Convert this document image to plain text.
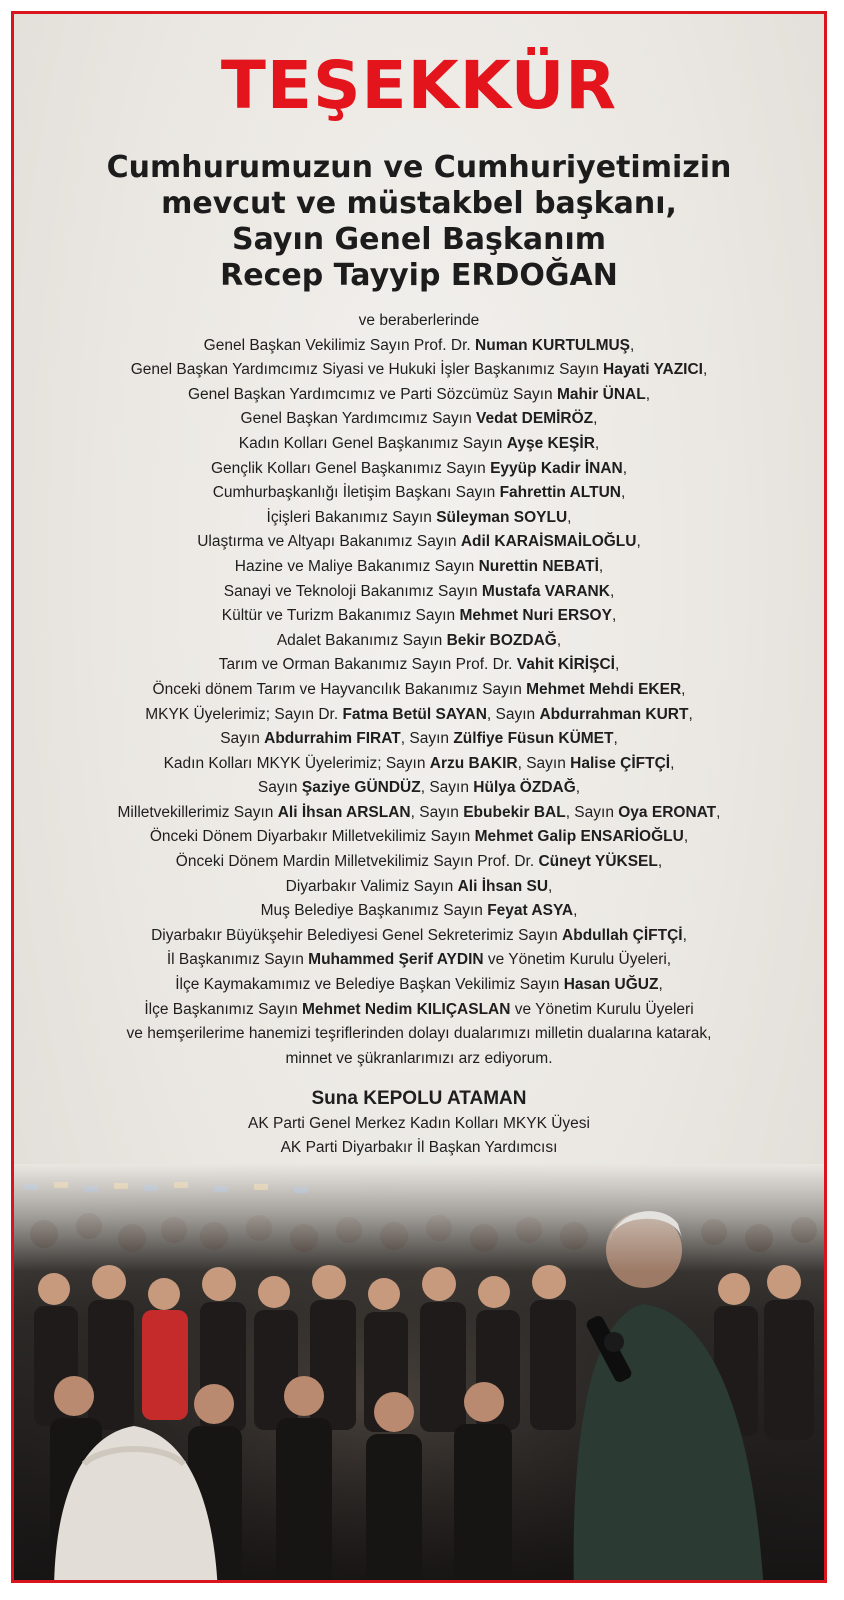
TEŞEKKÜR
Cumhurumuzun ve Cumhuriyetimizin
mevcut ve müstakbel başkanı,
Sayın Genel Başkanım
Recep Tayyip ERDOĞAN
ve beraberlerinde
Genel Başkan Vekilimiz Sayın Prof. Dr. Numan KURTULMUŞ,
Genel Başkan Yardımcımız Siyasi ve Hukuki İşler Başkanımız Sayın Hayati YAZICI,
Genel Başkan Yardımcımız ve Parti Sözcümüz Sayın Mahir ÜNAL,
Genel Başkan Yardımcımız Sayın Vedat DEMİRÖZ,
Kadın Kolları Genel Başkanımız Sayın Ayşe KEŞİR,
Gençlik Kolları Genel Başkanımız Sayın Eyyüp Kadir İNAN,
Cumhurbaşkanlığı İletişim Başkanı Sayın Fahrettin ALTUN,
İçişleri Bakanımız Sayın Süleyman SOYLU,
Ulaştırma ve Altyapı Bakanımız Sayın Adil KARAİSMAİLOĞLU,
Hazine ve Maliye Bakanımız Sayın Nurettin NEBATİ,
Sanayi ve Teknoloji Bakanımız Sayın Mustafa VARANK,
Kültür ve Turizm Bakanımız Sayın Mehmet Nuri ERSOY,
Adalet Bakanımız Sayın Bekir BOZDAĞ,
Tarım ve Orman Bakanımız Sayın Prof. Dr. Vahit KİRİŞCİ,
Önceki dönem Tarım ve Hayvancılık Bakanımız Sayın Mehmet Mehdi EKER,
MKYK Üyelerimiz; Sayın Dr. Fatma Betül SAYAN, Sayın Abdurrahman KURT,
Sayın Abdurrahim FIRAT, Sayın Zülfiye Füsun KÜMET,
Kadın Kolları MKYK Üyelerimiz; Sayın Arzu BAKIR, Sayın Halise ÇİFTÇİ,
Sayın Şaziye GÜNDÜZ, Sayın Hülya ÖZDAĞ,
Milletvekillerimiz Sayın Ali İhsan ARSLAN, Sayın Ebubekir BAL, Sayın Oya ERONAT,
Önceki Dönem Diyarbakır Milletvekilimiz Sayın Mehmet Galip ENSARİOĞLU,
Önceki Dönem Mardin Milletvekilimiz Sayın Prof. Dr. Cüneyt YÜKSEL,
Diyarbakır Valimiz Sayın Ali İhsan SU,
Muş Belediye Başkanımız Sayın Feyat ASYA,
Diyarbakır Büyükşehir Belediyesi Genel Sekreterimiz Sayın Abdullah ÇİFTÇİ,
İl Başkanımız Sayın Muhammed Şerif AYDIN ve Yönetim Kurulu Üyeleri,
İlçe Kaymakamımız ve Belediye Başkan Vekilimiz Sayın Hasan UĞUZ,
İlçe Başkanımız Sayın Mehmet Nedim KILIÇASLAN ve Yönetim Kurulu Üyeleri
ve hemşerilerime hanemizi teşriflerinden dolayı dualarımızı milletin dualarına katarak,
minnet ve şükranlarımızı arz ediyorum.
Suna KEPOLU ATAMAN
AK Parti Genel Merkez Kadın Kolları MKYK Üyesi
AK Parti Diyarbakır İl Başkan Yardımcısı
